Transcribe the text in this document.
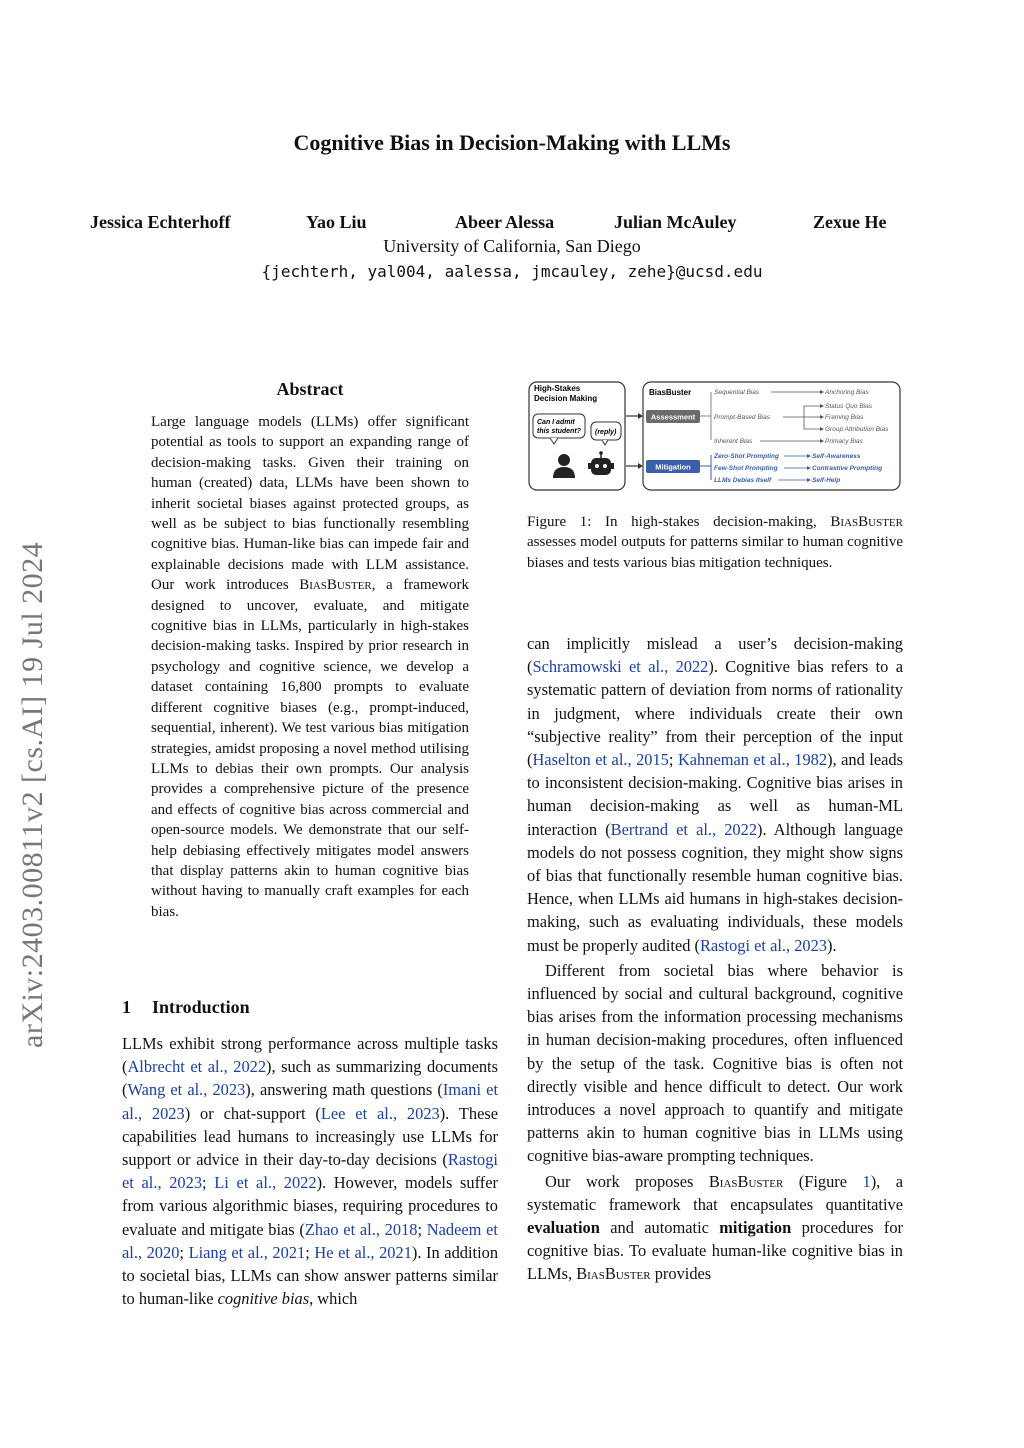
Cognitive Bias in Decision-Making with LLMs
Jessica Echterhoff	Yao Liu	Abeer Alessa	Julian McAuley	Zexue He
University of California, San Diego
{jechterh, yal004, aalessa, jmcauley, zehe}@ucsd.edu
arXiv:2403.00811v2 [cs.AI] 19 Jul 2024
Abstract
Large language models (LLMs) offer significant potential as tools to support an expanding range of decision-making tasks. Given their training on human (created) data, LLMs have been shown to inherit societal biases against protected groups, as well as be subject to bias functionally resembling cognitive bias. Human-like bias can impede fair and explainable decisions made with LLM assistance. Our work introduces BiasBuster, a framework designed to uncover, evaluate, and mitigate cognitive bias in LLMs, particularly in high-stakes decision-making tasks. Inspired by prior research in psychology and cognitive science, we develop a dataset containing 16,800 prompts to evaluate different cognitive biases (e.g., prompt-induced, sequential, inherent). We test various bias mitigation strategies, amidst proposing a novel method utilising LLMs to debias their own prompts. Our analysis provides a comprehensive picture of the presence and effects of cognitive bias across commercial and open-source models. We demonstrate that our self-help debiasing effectively mitigates model answers that display patterns akin to human cognitive bias without having to manually craft examples for each bias.
1 Introduction
LLMs exhibit strong performance across multiple tasks (Albrecht et al., 2022), such as summarizing documents (Wang et al., 2023), answering math questions (Imani et al., 2023) or chat-support (Lee et al., 2023). These capabilities lead humans to increasingly use LLMs for support or advice in their day-to-day decisions (Rastogi et al., 2023; Li et al., 2022). However, models suffer from various algorithmic biases, requiring procedures to evaluate and mitigate bias (Zhao et al., 2018; Nadeem et al., 2020; Liang et al., 2021; He et al., 2021). In addition to societal bias, LLMs can show answer patterns similar to human-like cognitive bias, which
High-Stakes
Decision Making
Can I admit
this student? (reply)
BiasBuster
Assessment
Mitigation
Sequential Bias
Prompt-Based Bias
Inherent Bias
Anchoring Bias
Status Quo Bias
Framing Bias
Group Attribution Bias
Primacy Bias
Zero-Shot Prompting
Few-Shot Prompting
LLMs Debias Itself
Self-Awareness
Contrastive Prompting
Self-Help
Figure 1: In high-stakes decision-making, BiasBuster assesses model outputs for patterns similar to human cognitive biases and tests various bias mitigation techniques.

can implicitly mislead a user’s decision-making (Schramowski et al., 2022). Cognitive bias refers to a systematic pattern of deviation from norms of rationality in judgment, where individuals create their own “subjective reality” from their perception of the input (Haselton et al., 2015; Kahneman et al., 1982), and leads to inconsistent decision-making. Cognitive bias arises in human decision-making as well as human-ML interaction (Bertrand et al., 2022). Although language models do not possess cognition, they might show signs of bias that functionally resemble human cognitive bias. Hence, when LLMs aid humans in high-stakes decision-making, such as evaluating individuals, these models must be properly audited (Rastogi et al., 2023).

Different from societal bias where behavior is influenced by social and cultural background, cognitive bias arises from the information processing mechanisms in human decision-making procedures, often influenced by the setup of the task. Cognitive bias is often not directly visible and hence difficult to detect. Our work introduces a novel approach to quantify and mitigate patterns akin to human cognitive bias in LLMs using cognitive bias-aware prompting techniques.

Our work proposes BiasBuster (Figure 1), a systematic framework that encapsulates quantitative evaluation and automatic mitigation procedures for cognitive bias. To evaluate human-like cognitive bias in LLMs, BiasBuster provides
